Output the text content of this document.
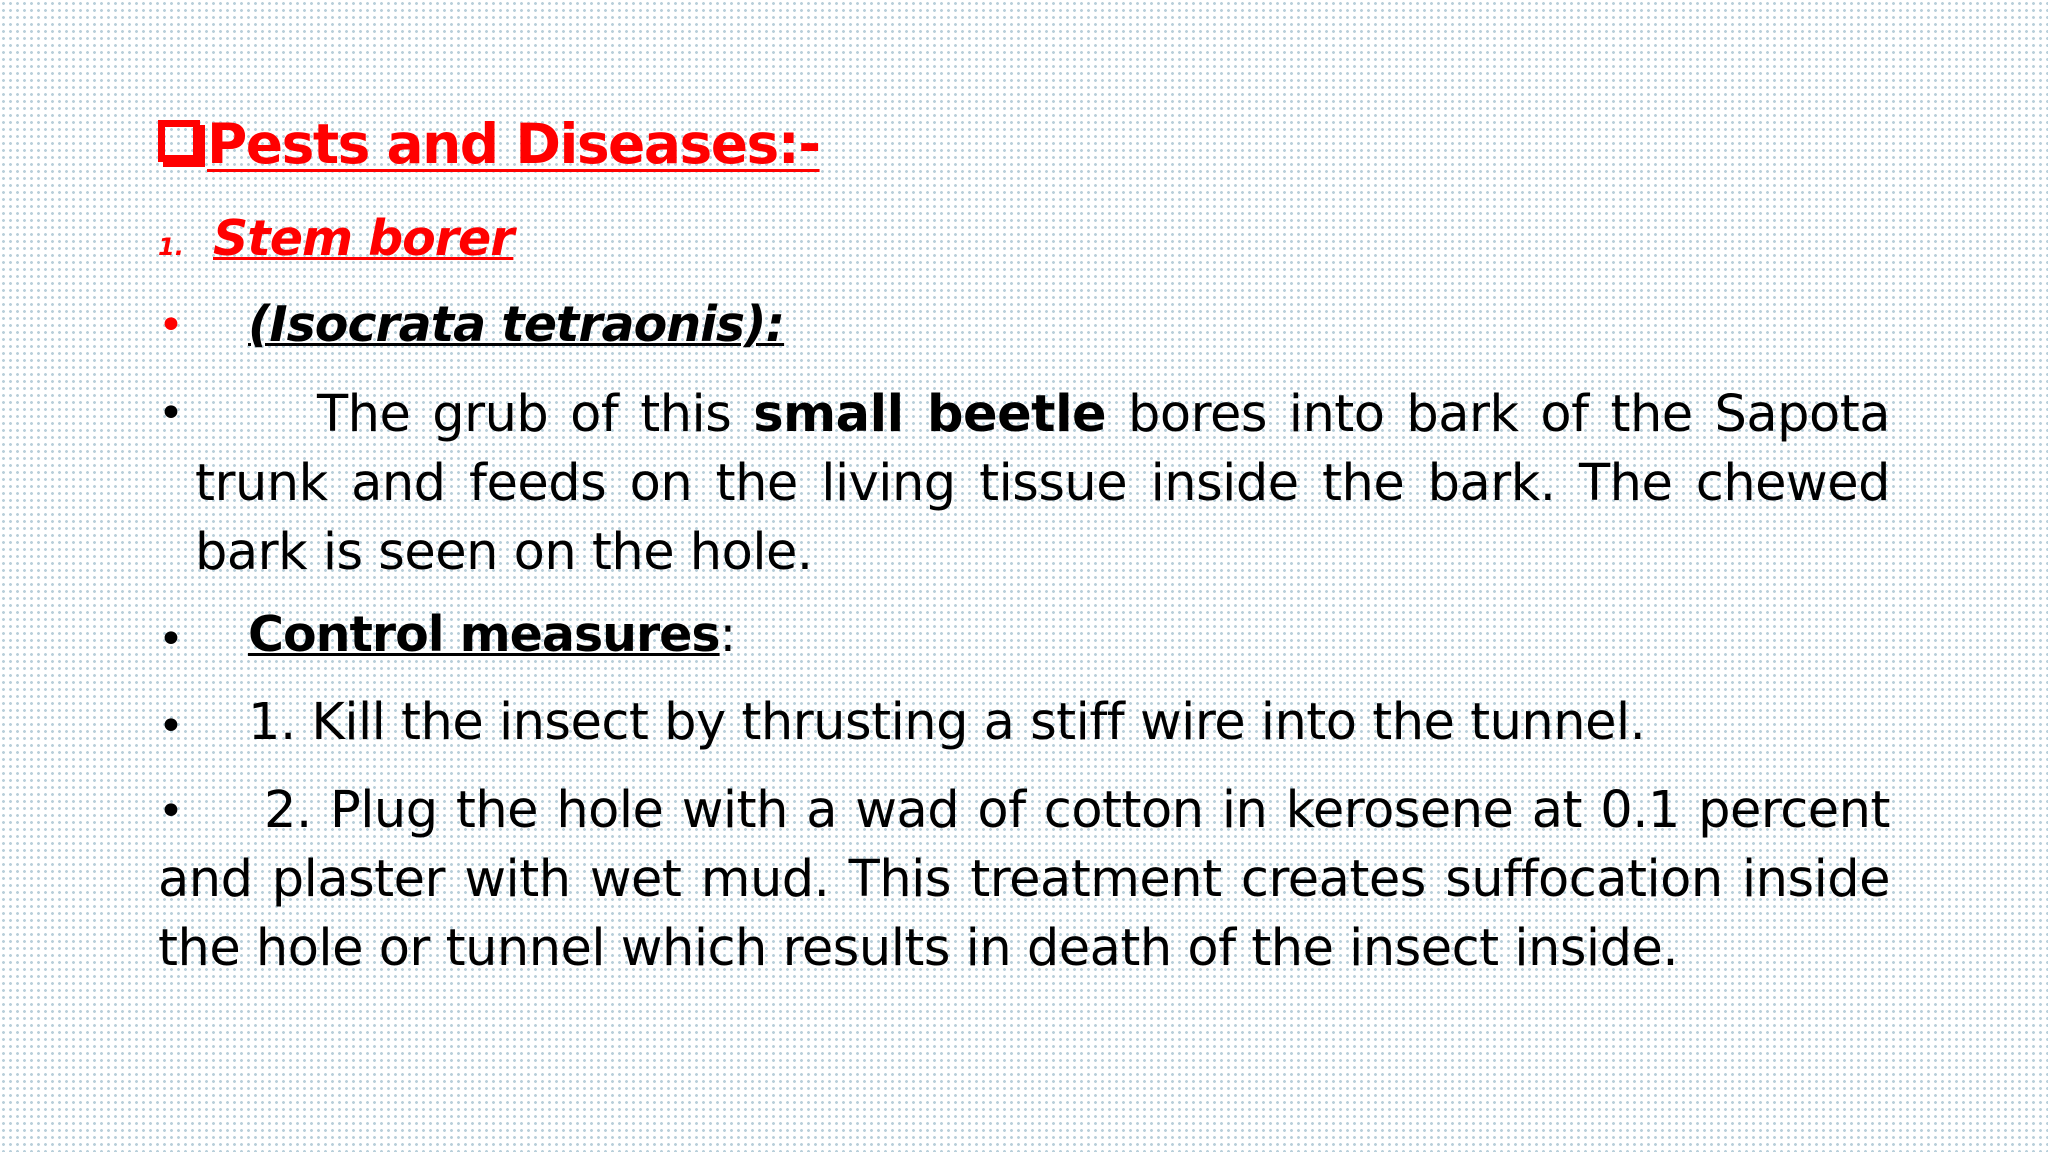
Pests and Diseases:-
1. Stem borer
• (Isocrata tetraonis):
•	The grub of this small beetle bores into bark of the Sapota trunk and feeds on the living tissue inside the bark. The chewed bark is seen on the hole.
• Control measures:
• 1. Kill the insect by thrusting a stiff wire into the tunnel.
•	2. Plug the hole with a wad of cotton in kerosene at 0.1 percent and plaster with wet mud. This treatment creates suffocation inside the hole or tunnel which results in death of the insect inside.
